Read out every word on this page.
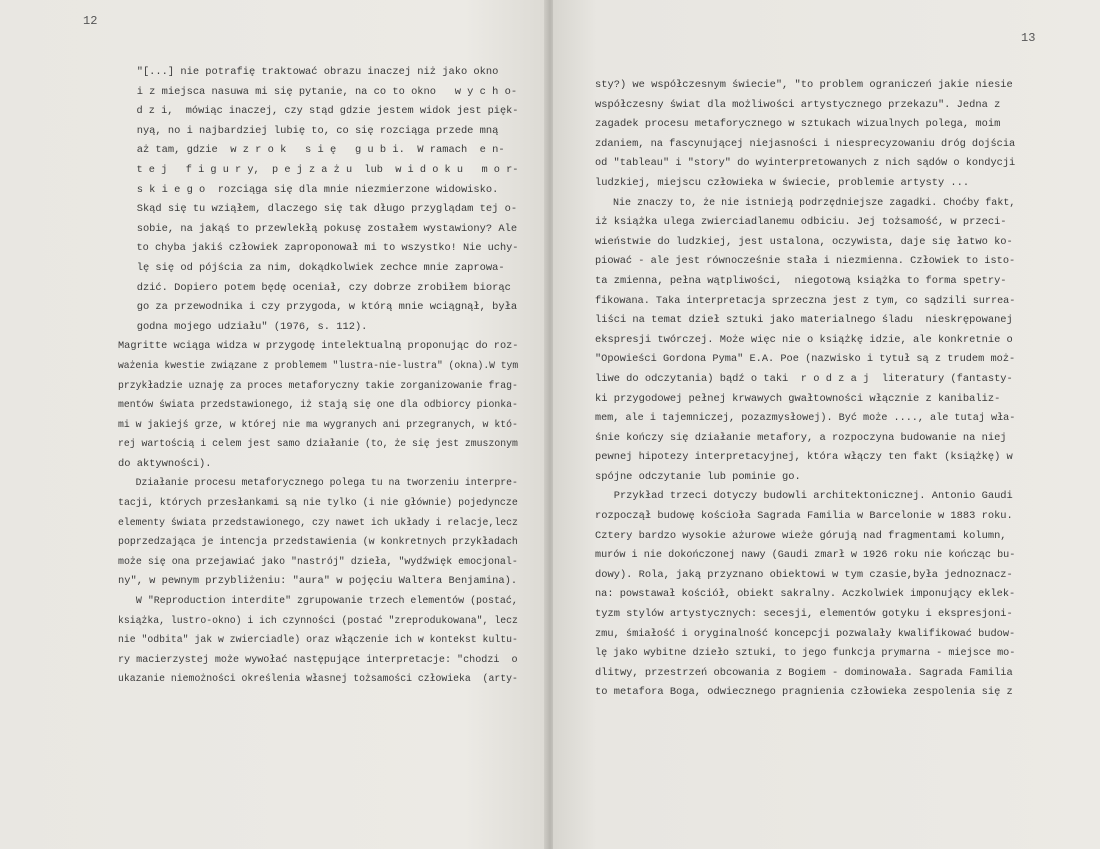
12
"[...] nie potrafię traktować obrazu inaczej niż jako okno
i z miejsca nasuwa mi się pytanie, na co to okno   w y c h o-
d z i,  mówiąc inaczej, czy stąd gdzie jestem widok jest pięk-
nyą, no i najbardziej lubię to, co się rozciąga przede mną
aż tam, gdzie  w z r o k   s i ę   g u b i.  W ramach  e n-
t e j   f i g u r y,  p e j z a ż u  lub  w i d o k u   m o r-
s k i e g o  rozciąga się dla mnie niezmierzone widowisko.
Skąd się tu wziąłem, dlaczego się tak długo przyglądam tej o-
sobie, na jakąś to przewlekłą pokusę zostałem wystawiony? Ale
to chyba jakiś człowiek zaproponował mi to wszystko! Nie uchy-
lę się od pójścia za nim, dokądkolwiek zechce mnie zaprowa-
dzić. Dopiero potem będę oceniał, czy dobrze zrobiłem biorąc
go za przewodnika i czy przygoda, w którą mnie wciągnął, była
godna mojego udziału" (1976, s. 112).
Magritte wciąga widza w przygodę intelektualną proponując do roz-
ważenia kwestie związane z problemem "lustra-nie-lustra" (okna).W tym
przykładzie uznaję za proces metaforyczny takie zorganizowanie frag-
mentów świata przedstawionego, iż stają się one dla odbiorcy pionka-
mi w jakiejś grze, w której nie ma wygranych ani przegranych, w któ-
rej wartością i celem jest samo działanie (to, że się jest zmuszonym
do aktywności).
Działanie procesu metaforycznego polega tu na tworzeniu interpre-
tacji, których przesłankami są nie tylko (i nie głównie) pojedyncze
elementy świata przedstawionego, czy nawet ich układy i relacje,lecz
poprzedzająca je intencja przedstawienia (w konkretnych przykładach
może się ona przejawiać jako "nastrój" dzieła, "wydźwięk emocjonal-
ny", w pewnym przybliżeniu: "aura" w pojęciu Waltera Benjamina).
W "Reproduction interdite" zgrupowanie trzech elementów (postać,
książka, lustro-okno) i ich czynności (postać "zreprodukowana", lecz
nie "odbita" jak w zwierciadle) oraz włączenie ich w kontekst kultu-
ry macierzystej może wywołać następujące interpretacje: "chodzi  o
ukazanie niemożności określenia własnej tożsamości człowieka  (arty-
13
sty?) we współczesnym świecie", "to problem ograniczeń jakie niesie
współczesny świat dla możliwości artystycznego przekazu". Jedna z
zagadek procesu metaforycznego w sztukach wizualnych polega, moim
zdaniem, na fascynującej niejasności i niesprecyzowaniu dróg dojścia
od "tableau" i "story" do wyinterpretowanych z nich sądów o kondycji
ludzkiej, miejscu człowieka w świecie, problemie artysty ...
Nie znaczy to, że nie istnieją podrzędniejsze zagadki. Choćby fakt,
iż książka ulega zwierciadlanemu odbiciu. Jej tożsamość, w przeci-
wieństwie do ludzkiej, jest ustalona, oczywista, daje się łatwo ko-
piować - ale jest równocześnie stała i niezmienna. Człowiek to isto-
ta zmienna, pełna wątpliwości,  niegotową książka to forma spetry-
fikowana. Taka interpretacja sprzeczna jest z tym, co sądzili surrea-
liści na temat dzieł sztuki jako materialnego śladu  nieskrępowanej
ekspresji twórczej. Może więc nie o książkę idzie, ale konkretnie o
"Opowieści Gordona Pyma" E.A. Poe (nazwisko i tytuł są z trudem moż-
liwe do odczytania) bądź o taki  r o d z a j  literatury (fantasty-
ki przygodowej pełnej krwawych gwałtowności włącznie z kanibaliz-
mem, ale i tajemniczej, pozazmysłowej). Być może ...., ale tutaj wła-
śnie kończy się działanie metafory, a rozpoczyna budowanie na niej
pewnej hipotezy interpretacyjnej, która włączy ten fakt (książkę) w
spójne odczytanie lub pominie go.
Przykład trzeci dotyczy budowli architektonicznej. Antonio Gaudi
rozpoczął budowę kościoła Sagrada Familia w Barcelonie w 1883 roku.
Cztery bardzo wysokie ażurowe wieże górują nad fragmentami kolumn,
murów i nie dokończonej nawy (Gaudi zmarł w 1926 roku nie kończąc bu-
dowy). Rola, jaką przyznano obiektowi w tym czasie,była jednoznacz-
na: powstawał kościół, obiekt sakralny. Aczkolwiek imponujący eklek-
tyzm stylów artystycznych: secesji, elementów gotyku i ekspresjoni-
zmu, śmiałość i oryginalność koncepcji pozwalały kwalifikować budow-
lę jako wybitne dzieło sztuki, to jego funkcja prymarna - miejsce mo-
dlitwy, przestrzeń obcowania z Bogiem - dominowała. Sagrada Familia
to metafora Boga, odwiecznego pragnienia człowieka zespolenia się z
